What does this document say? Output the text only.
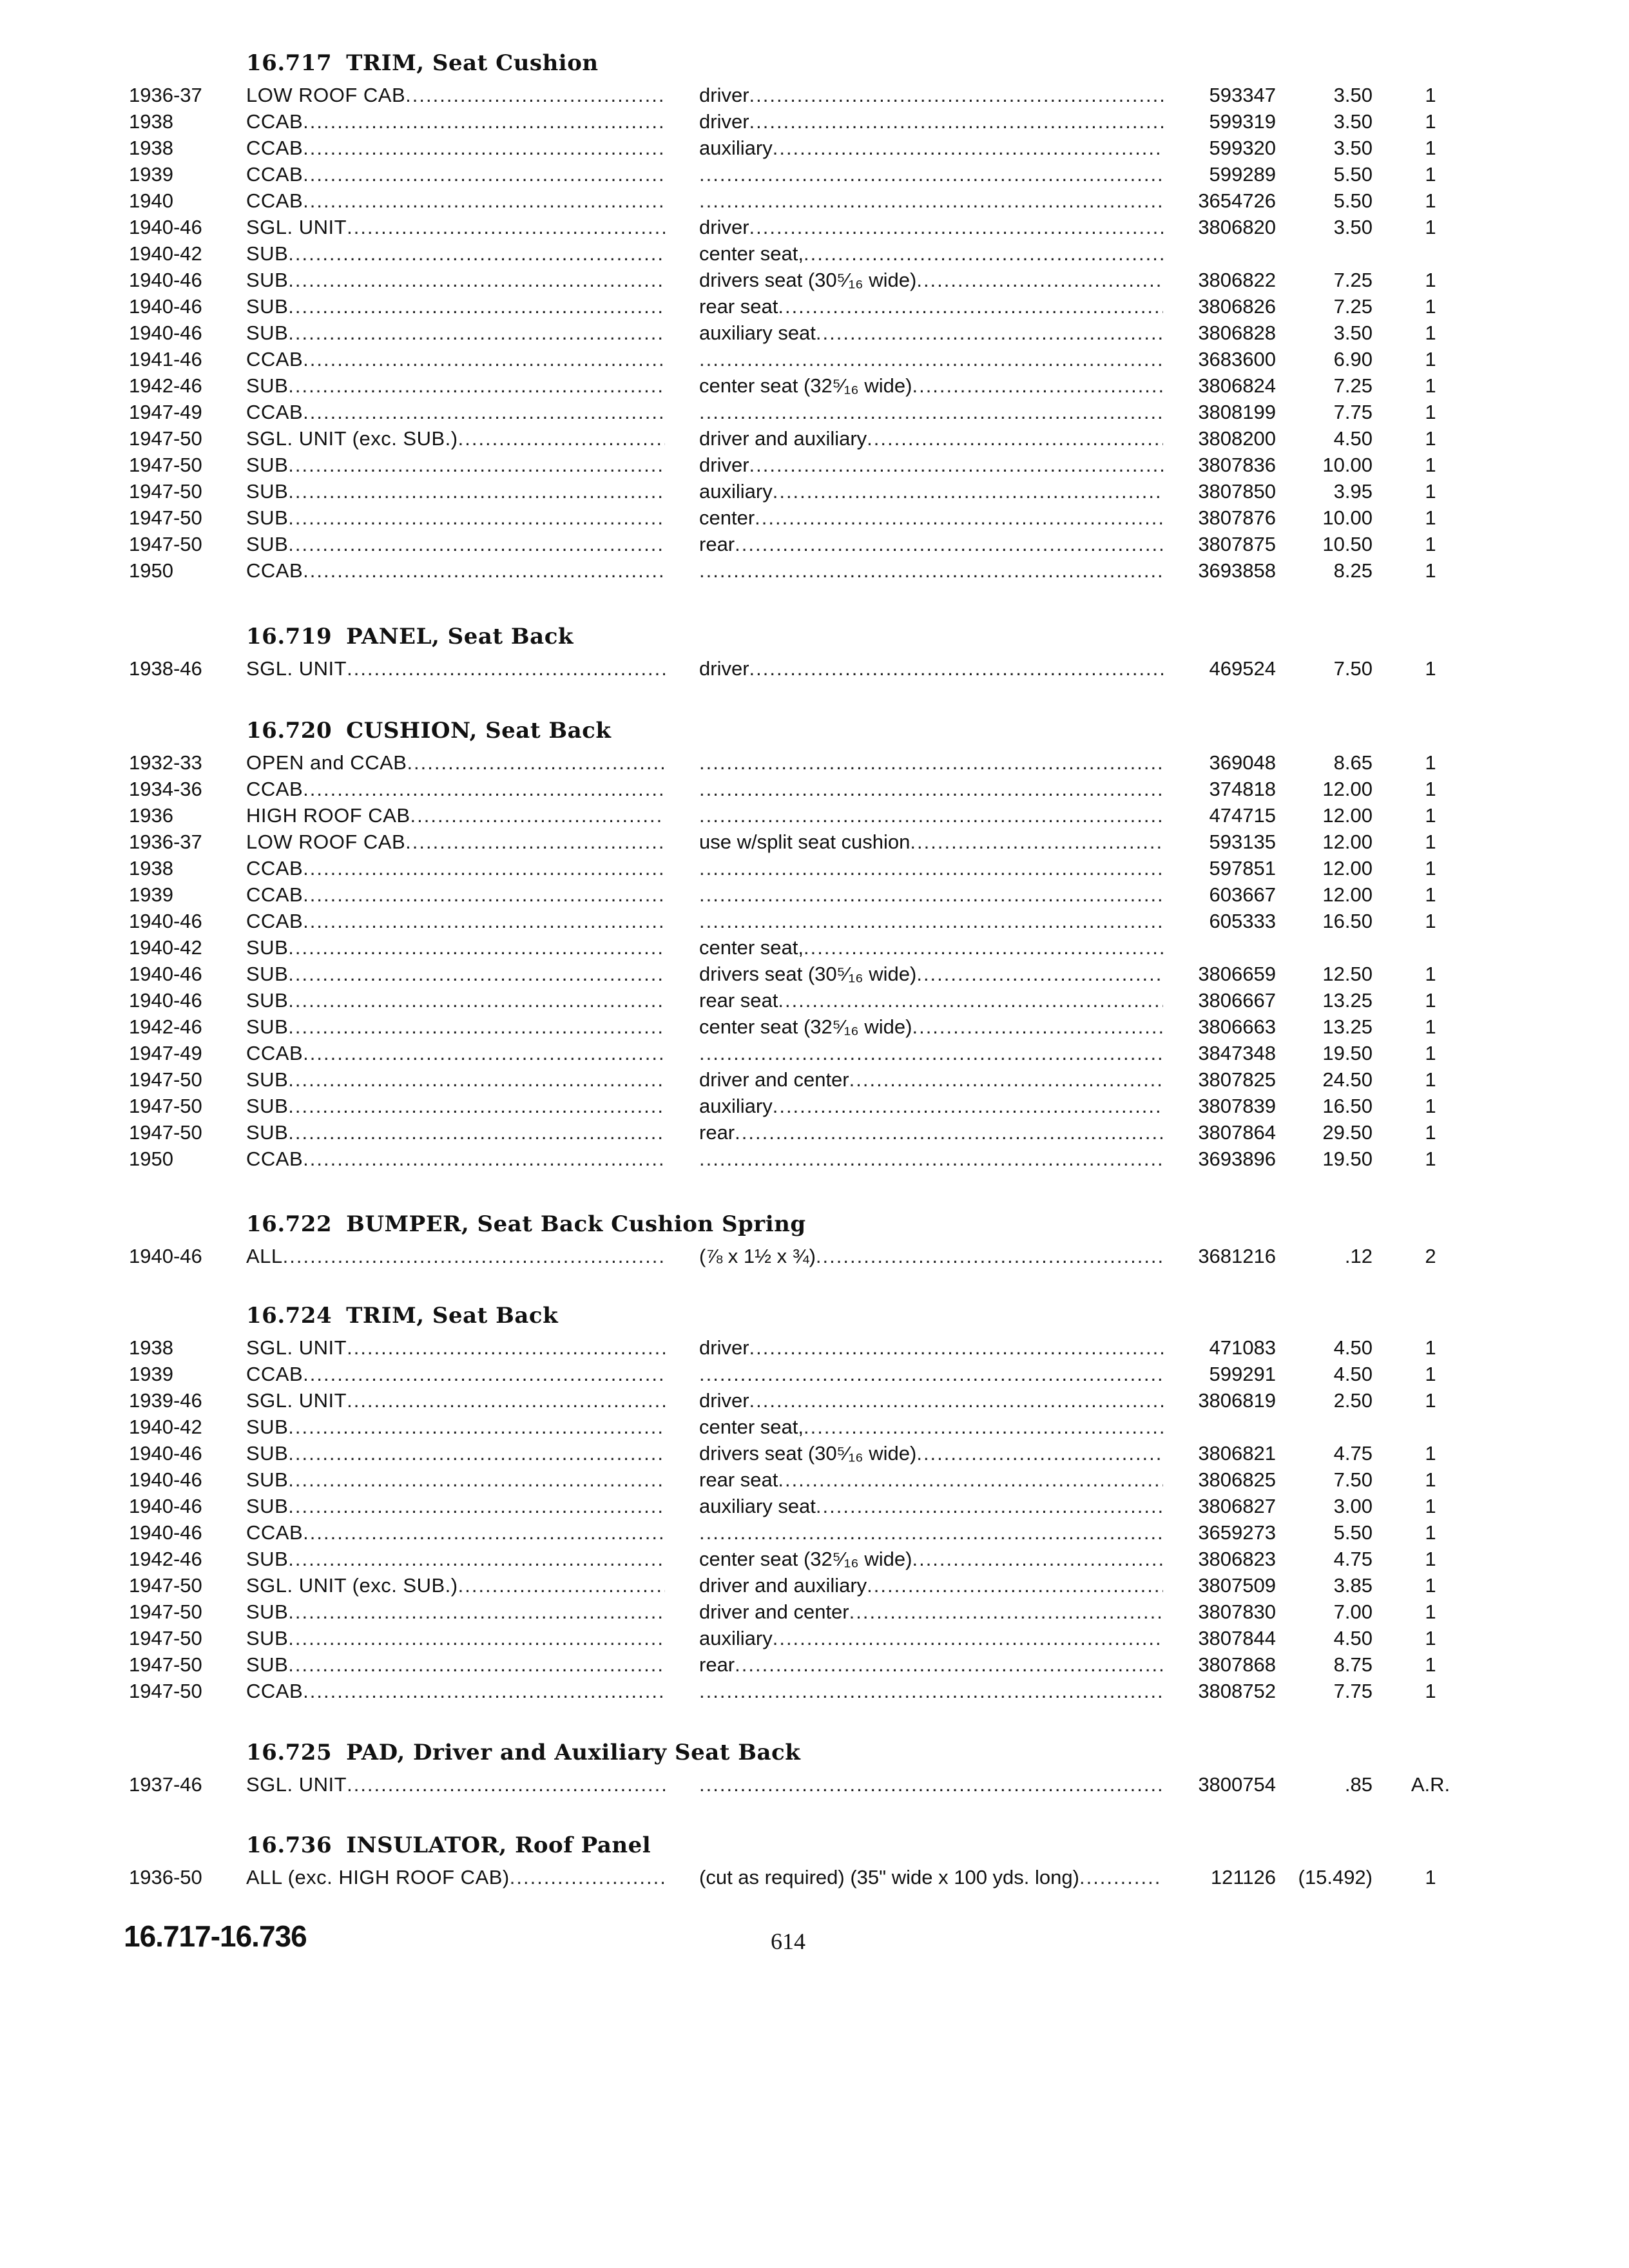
16.717 TRIM, Seat Cushion
1936-37	LOW ROOF CAB .....	driver .....	593347	3.50	1
1938	CCAB .....	driver .....	599319	3.50	1
1938	CCAB .....	auxiliary .....	599320	3.50	1
1939	CCAB ..... .....	599289	5.50	1
1940	CCAB ..... .....	3654726	5.50	1
1940-46	SGL. UNIT .....	driver .....	3806820	3.50	1
1940-42	SUB .....	center seat, .....
1940-46	SUB .....	drivers seat (30⁵⁄₁₆ wide) .....	3806822	7.25	1
1940-46	SUB .....	rear seat .....	3806826	7.25	1
1940-46	SUB .....	auxiliary seat .....	3806828	3.50	1
1941-46	CCAB ..... .....	3683600	6.90	1
1942-46	SUB .....	center seat (32⁵⁄₁₆ wide) .....	3806824	7.25	1
1947-49	CCAB ..... .....	3808199	7.75	1
1947-50	SGL. UNIT (exc. SUB.) .....	driver and auxiliary .....	3808200	4.50	1
1947-50	SUB .....	driver .....	3807836	10.00	1
1947-50	SUB .....	auxiliary .....	3807850	3.95	1
1947-50	SUB .....	center .....	3807876	10.00	1
1947-50	SUB .....	rear .....	3807875	10.50	1
1950	CCAB ..... .....	3693858	8.25	1
16.719 PANEL, Seat Back
1938-46	SGL. UNIT .....	driver .....	469524	7.50	1
16.720 CUSHION, Seat Back
1932-33	OPEN and CCAB ..... .....	369048	8.65	1
1934-36	CCAB ..... .....	374818	12.00	1
1936	HIGH ROOF CAB ..... .....	474715	12.00	1
1936-37	LOW ROOF CAB .....	use w/split seat cushion .....	593135	12.00	1
1938	CCAB ..... .....	597851	12.00	1
1939	CCAB ..... .....	603667	12.00	1
1940-46	CCAB ..... .....	605333	16.50	1
1940-42	SUB .....	center seat, .....
1940-46	SUB .....	drivers seat (30⁵⁄₁₆ wide) .....	3806659	12.50	1
1940-46	SUB .....	rear seat .....	3806667	13.25	1
1942-46	SUB .....	center seat (32⁵⁄₁₆ wide) .....	3806663	13.25	1
1947-49	CCAB ..... .....	3847348	19.50	1
1947-50	SUB .....	driver and center .....	3807825	24.50	1
1947-50	SUB .....	auxiliary .....	3807839	16.50	1
1947-50	SUB .....	rear .....	3807864	29.50	1
1950	CCAB ..... .....	3693896	19.50	1
16.722 BUMPER, Seat Back Cushion Spring
1940-46	ALL .....	(⅞ x 1½ x ¾) .....	3681216	.12	2
16.724 TRIM, Seat Back
1938	SGL. UNIT .....	driver .....	471083	4.50	1
1939	CCAB ..... .....	599291	4.50	1
1939-46	SGL. UNIT .....	driver .....	3806819	2.50	1
1940-42	SUB .....	center seat, .....
1940-46	SUB .....	drivers seat (30⁵⁄₁₆ wide) .....	3806821	4.75	1
1940-46	SUB .....	rear seat .....	3806825	7.50	1
1940-46	SUB .....	auxiliary seat .....	3806827	3.00	1
1940-46	CCAB ..... .....	3659273	5.50	1
1942-46	SUB .....	center seat (32⁵⁄₁₆ wide) .....	3806823	4.75	1
1947-50	SGL. UNIT (exc. SUB.) .....	driver and auxiliary .....	3807509	3.85	1
1947-50	SUB .....	driver and center .....	3807830	7.00	1
1947-50	SUB .....	auxiliary .....	3807844	4.50	1
1947-50	SUB .....	rear .....	3807868	8.75	1
1947-50	CCAB ..... .....	3808752	7.75	1
16.725 PAD, Driver and Auxiliary Seat Back
1937-46	SGL. UNIT ..... .....	3800754	.85	A.R.
16.736 INSULATOR, Roof Panel
1936-50	ALL (exc. HIGH ROOF CAB) .....	(cut as required) (35" wide x 100 yds. long) .....	121126 (15.492)	1
16.717-16.736	614
